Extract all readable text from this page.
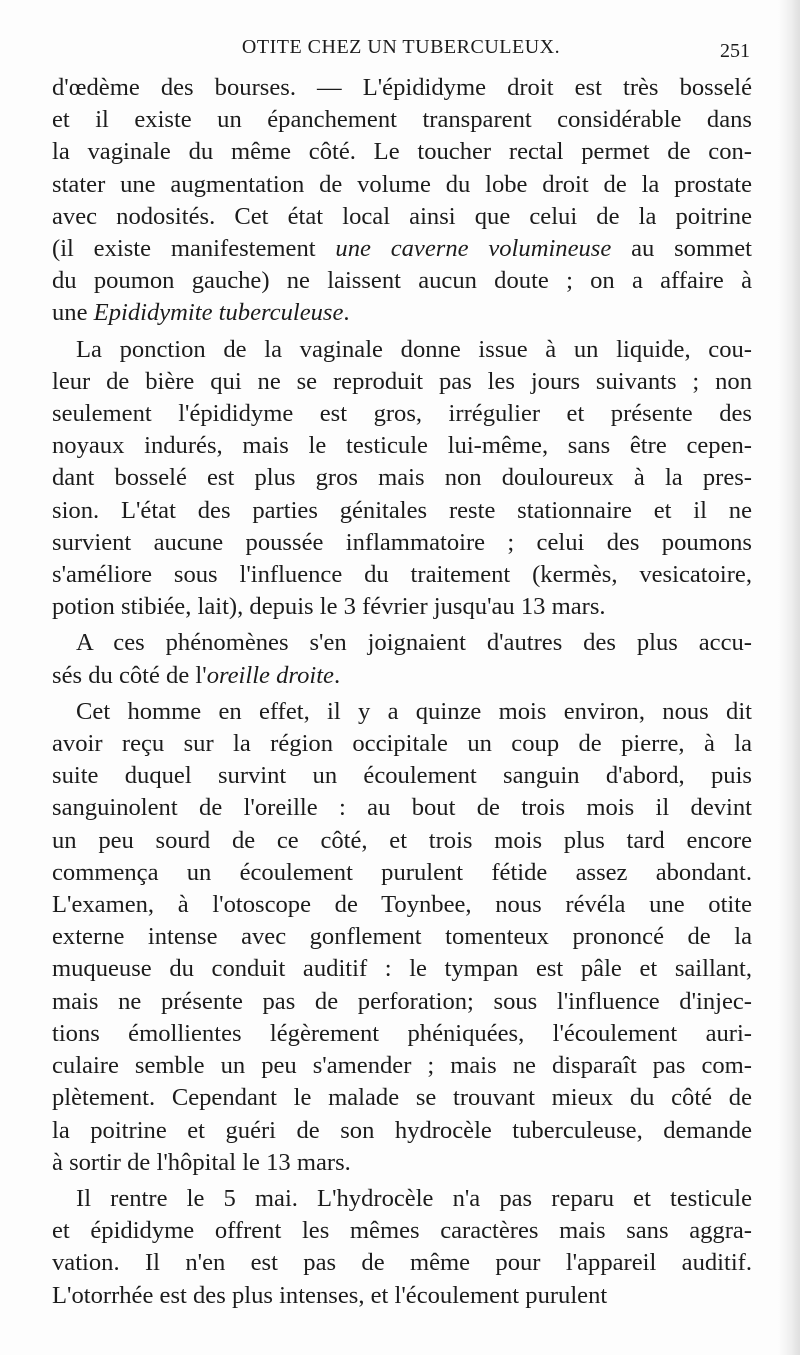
OTITE CHEZ UN TUBERCULEUX.	251
d'œdème des bourses. — L'épididyme droit est très bosselé
et il existe un épanchement transparent considérable dans
la vaginale du même côté. Le toucher rectal permet de con-
stater une augmentation de volume du lobe droit de la prostate
avec nodosités. Cet état local ainsi que celui de la poitrine
(il existe manifestement une caverne volumineuse au sommet
du poumon gauche) ne laissent aucun doute ; on a affaire à
une Epididymite tuberculeuse.
La ponction de la vaginale donne issue à un liquide, cou-
leur de bière qui ne se reproduit pas les jours suivants ; non
seulement l'épididyme est gros, irrégulier et présente des
noyaux indurés, mais le testicule lui-même, sans être cepen-
dant bosselé est plus gros mais non douloureux à la pres-
sion. L'état des parties génitales reste stationnaire et il ne
survient aucune poussée inflammatoire ; celui des poumons
s'améliore sous l'influence du traitement (kermès, vesicatoire,
potion stibiée, lait), depuis le 3 février jusqu'au 13 mars.
A ces phénomènes s'en joignaient d'autres des plus accu-
sés du côté de l'oreille droite.
Cet homme en effet, il y a quinze mois environ, nous dit
avoir reçu sur la région occipitale un coup de pierre, à la
suite duquel survint un écoulement sanguin d'abord, puis
sanguinolent de l'oreille : au bout de trois mois il devint
un peu sourd de ce côté, et trois mois plus tard encore
commença un écoulement purulent fétide assez abondant.
L'examen, à l'otoscope de Toynbee, nous révéla une otite
externe intense avec gonflement tomenteux prononcé de la
muqueuse du conduit auditif : le tympan est pâle et saillant,
mais ne présente pas de perforation; sous l'influence d'injec-
tions émollientes légèrement phéniquées, l'écoulement auri-
culaire semble un peu s'amender ; mais ne disparaît pas com-
plètement. Cependant le malade se trouvant mieux du côté de
la poitrine et guéri de son hydrocèle tuberculeuse, demande
à sortir de l'hôpital le 13 mars.
Il rentre le 5 mai. L'hydrocèle n'a pas reparu et testicule
et épididyme offrent les mêmes caractères mais sans aggra-
vation. Il n'en est pas de même pour l'appareil auditif.
L'otorrhée est des plus intenses, et l'écoulement purulent
